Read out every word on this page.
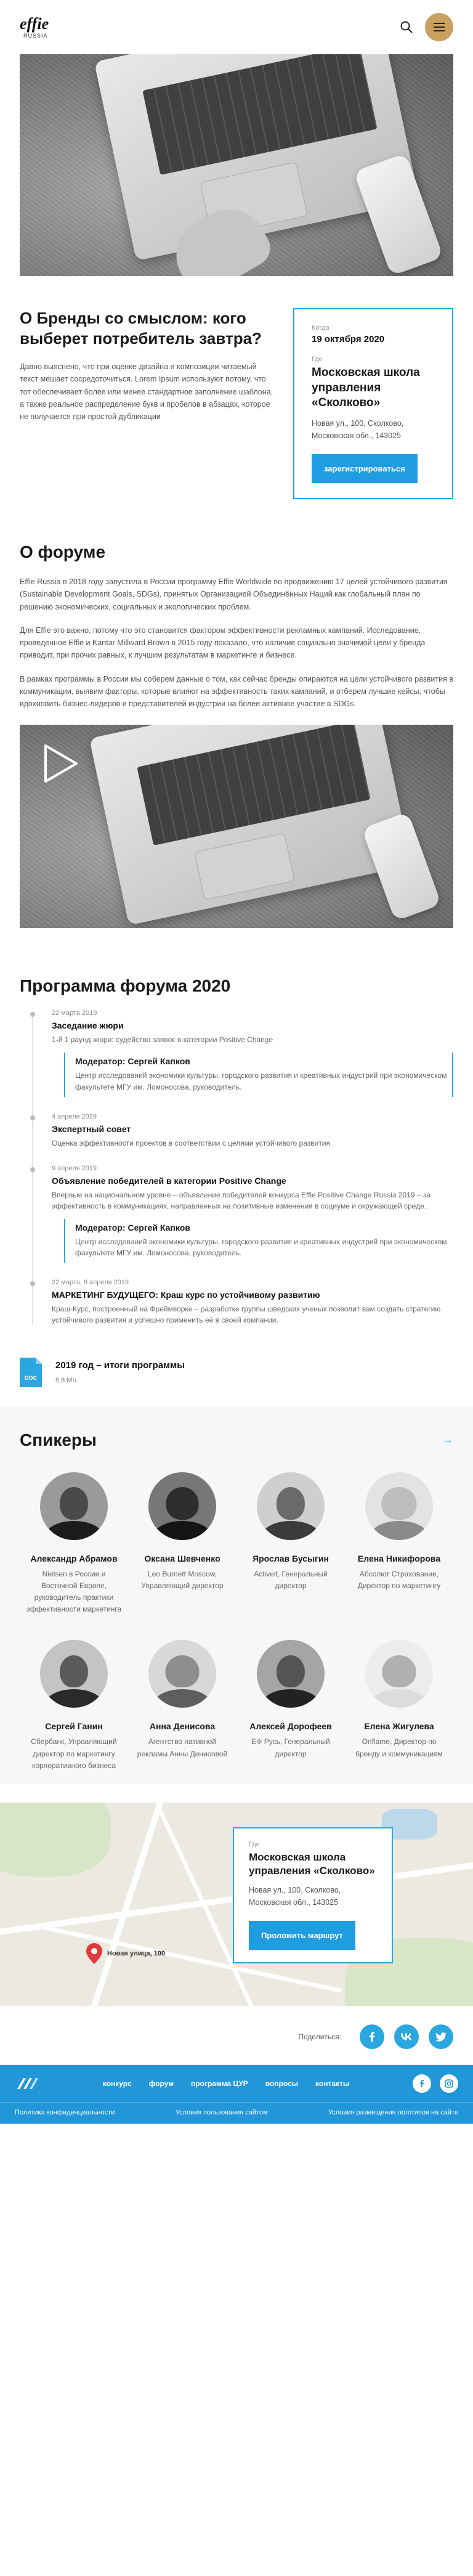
effie
RUSSIA
О Бренды со смыслом: кого выберет потребитель завтра?

Давно выяснено, что при оценке дизайна и композиции читаемый текст мешает сосредоточиться. Lorem Ipsum используют потому, что тот обеспечивает более или менее стандартное заполнение шаблона, а также реальное распределение букв и пробелов в абзацах, которое не получается при простой дубликации

Когда
19 октября 2020
Где
Московская школа управления «Сколково»
Новая ул., 100, Сколково, Московская обл., 143025
зарегистрироваться
О форуме

Effie Russia в 2018 году запустила в России программу Effie Worldwide по продвижению 17 целей устойчивого развития (Sustainable Development Goals, SDGs), принятых Организацией Объединённых Наций как глобальный план по решению экономических, социальных и экологических проблем.

Для Effie это важно, потому что это становится фактором эффективности рекламных кампаний. Исследование, проведенное Effie и Kantar Millward Brown в 2015 году показало, что наличие социально значимой цели у бренда приводит, при прочих равных, к лучшим результатам в маркетинге и бизнесе.

В рамках программы в России мы соберем данные о том, как сейчас бренды опираются на цели устойчивого развития в коммуникации, выявим факторы, которые влияют на эффективность таких кампаний, и отберем лучшие кейсы, чтобы вдохновить бизнес-лидеров и представителей индустрии на более активное участие в SDGs.

Программа форума 2020
22 марта 2019
Заседание жюри
1-й 1 раунд жюри: судейство заявок в категории Positive Change
Модератор: Сергей Капков
Центр исследований экономики культуры, городского развития и креативных индустрий при экономическом факультете МГУ им. Ломоносова, руководитель.
4 апреля 2019
Экспертный совет
Оценка эффективности проектов в соответствии с целями устойчивого развития
9 апреля 2019
Объявление победителей в категории Positive Change
Впервые на национальном уровне – объявление победителей конкурса Effie Positive Change Russia 2019 – за эффективность в коммуникациях, направленных на позитивные изменения в социуме и окружающей среде.
Модератор: Сергей Капков
Центр исследований экономики культуры, городского развития и креативных индустрий при экономическом факультете МГУ им. Ломоносова, руководитель.
22 марта, 8 апреля 2019
МАРКЕТИНГ БУДУЩЕГО: Краш курс по устойчивому развитию
Краш-Курс, построенный на Фреймворке – разработке группы шведских ученых позволит вам создать стратегию устойчивого развития и успешно применить её в своей компании.
DOC
2019 год – итоги программы
8,6 Mb
Спикеры	→
Александр Абрамов
Nielsen в России и Восточной Европе, руководитель практики эффективности маркетинга
Оксана Шевченко
Leo Burnett Moscow, Управляющий директор
Ярослав Бусыгин
Activeit, Генеральный директор
Елена Никифорова
Абсолют Страхование, Директор по маркетингу
Сергей Ганин
Сбербанк, Управляющий директор по маркетингу корпоративного бизнеса
Анна Денисова
Агентство нативной рекламы Анны Денисовой
Алексей Дорофеев
ЕФ Русь, Генеральный директор
Елена Жигулева
Oriflame, Директор по бренду и коммуникациям
Новая улица, 100
Где
Московская школа управления «Сколково»
Новая ул., 100, Сколково, Московская обл., 143025
Проложить маршрут
Поделиться:
конкурс форум программа ЦУР вопросы контакты
Политика конфиденциальности	Условия пользования сайтом	Условия размещения логотипов на сайте
